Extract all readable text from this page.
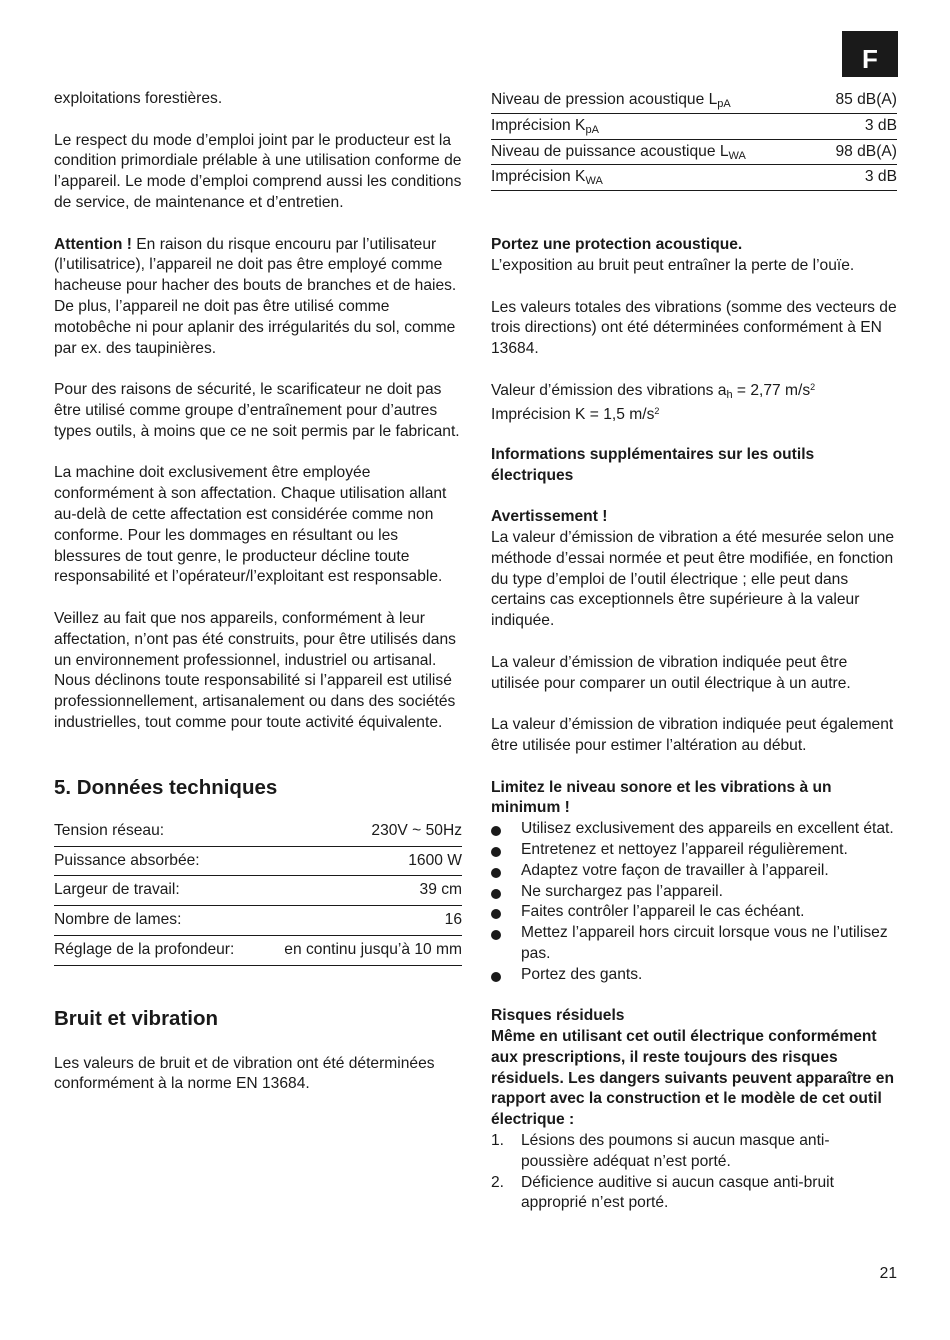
F

exploitations forestières.

Le respect du mode d’emploi joint par le producteur est la condition primordiale prélable à une utilisation conforme de l’appareil. Le mode d’emploi comprend aussi les conditions de service, de maintenance et d’entretien.

Attention ! En raison du risque encouru par l’utilisateur (l’utilisatrice), l’appareil ne doit pas être employé comme hacheuse pour hacher des bouts de branches et de haies. De plus, l’appareil ne doit pas être utilisé comme motobêche ni pour aplanir des irrégularités du sol, comme par ex. des taupinières.

Pour des raisons de sécurité, le scarificateur ne doit pas être utilisé comme groupe d’entraînement pour d’autres types outils, à moins que ce ne soit permis par le fabricant.

La machine doit exclusivement être employée conformément à son affectation. Chaque utilisation allant au-delà de cette affectation est considérée comme non conforme. Pour les dommages en résultant ou les blessures de tout genre, le producteur décline toute responsabilité et l’opérateur/l’exploitant est responsable.

Veillez au fait que nos appareils, conformément à leur affectation, n’ont pas été construits, pour être utilisés dans un environnement professionnel, industriel ou artisanal. Nous déclinons toute responsabilité si l’appareil est utilisé professionnellement, artisanalement ou dans des sociétés industrielles, tout comme pour toute activité équivalente.

5. Données techniques
Tension réseau:	230V ~ 50Hz
Puissance absorbée:	1600 W
Largeur de travail:	39 cm
Nombre de lames:	16
Réglage de la profondeur:	en continu jusqu’à 10 mm
Bruit et vibration

Les valeurs de bruit et de vibration ont été déterminées conformément à la norme EN 13684.

Niveau de pression acoustique $L_{pA}$	85 dB(A)
Imprécision $K_{pA}$	3 dB
Niveau de puissance acoustique $L_{WA}$	98 dB(A)
Imprécision $K_{WA}$	3 dB

Portez une protection acoustique.
L’exposition au bruit peut entraîner la perte de l’ouïe.

Les valeurs totales des vibrations (somme des vecteurs de trois directions) ont été déterminées conformément à EN 13684.

Valeur d’émission des vibrations $a_h = 2,77$ $m/s^2$
Imprécision K = 1,5 $m/s^2$

Informations supplémentaires sur les outils électriques

Avertissement !
La valeur d’émission de vibration a été mesurée selon une méthode d’essai normée et peut être modifiée, en fonction du type d’emploi de l’outil électrique ; elle peut dans certains cas exceptionnels être supérieure à la valeur indiquée.

La valeur d’émission de vibration indiquée peut être utilisée pour comparer un outil électrique à un autre.

La valeur d’émission de vibration indiquée peut également être utilisée pour estimer l’altération au début.

Limitez le niveau sonore et les vibrations à un minimum !

Utilisez exclusivement des appareils en excellent état.
Entretenez et nettoyez l’appareil régulièrement.
Adaptez votre façon de travailler à l’appareil.
Ne surchargez pas l’appareil.
Faites contrôler l’appareil le cas échéant.
Mettez l’appareil hors circuit lorsque vous ne l’utilisez pas.
Portez des gants.

Risques résiduels
Même en utilisant cet outil électrique conformément aux prescriptions, il reste toujours des risques résiduels. Les dangers suivants peuvent apparaître en rapport avec la construction et le modèle de cet outil électrique :

1. Lésions des poumons si aucun masque anti-poussière adéquat n’est porté.
2. Déficience auditive si aucun casque anti-bruit approprié n’est porté.
21
